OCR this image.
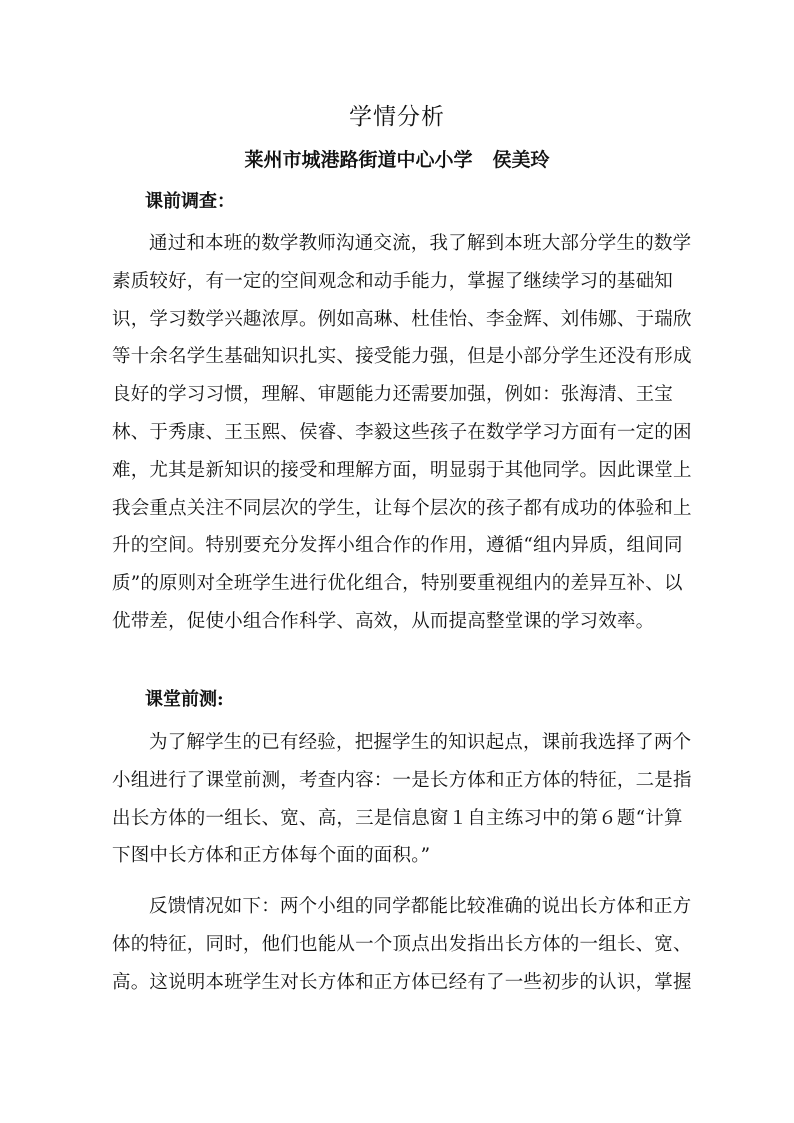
学情分析
莱州市城港路街道中心小学 侯美玲
课前调查：
通过和本班的数学教师沟通交流，我了解到本班大部分学生的数学
素质较好，有一定的空间观念和动手能力，掌握了继续学习的基础知
识，学习数学兴趣浓厚。例如高琳、杜佳怡、李金辉、刘伟娜、于瑞欣
等十余名学生基础知识扎实、接受能力强，但是小部分学生还没有形成
良好的学习习惯，理解、审题能力还需要加强，例如：张海清、王宝
林、于秀康、王玉熙、侯睿、李毅这些孩子在数学学习方面有一定的困
难，尤其是新知识的接受和理解方面，明显弱于其他同学。因此课堂上
我会重点关注不同层次的学生，让每个层次的孩子都有成功的体验和上
升的空间。特别要充分发挥小组合作的作用，遵循“组内异质，组间同
质”的原则对全班学生进行优化组合，特别要重视组内的差异互补、以
优带差，促使小组合作科学、高效，从而提高整堂课的学习效率。
课堂前测:
为了解学生的已有经验，把握学生的知识起点，课前我选择了两个
小组进行了课堂前测，考查内容：一是长方体和正方体的特征，二是指
出长方体的一组长、宽、高，三是信息窗１自主练习中的第６题“计算
下图中长方体和正方体每个面的面积。”
反馈情况如下：两个小组的同学都能比较准确的说出长方体和正方
体的特征，同时，他们也能从一个顶点出发指出长方体的一组长、宽、
高。这说明本班学生对长方体和正方体已经有了一些初步的认识，掌握
